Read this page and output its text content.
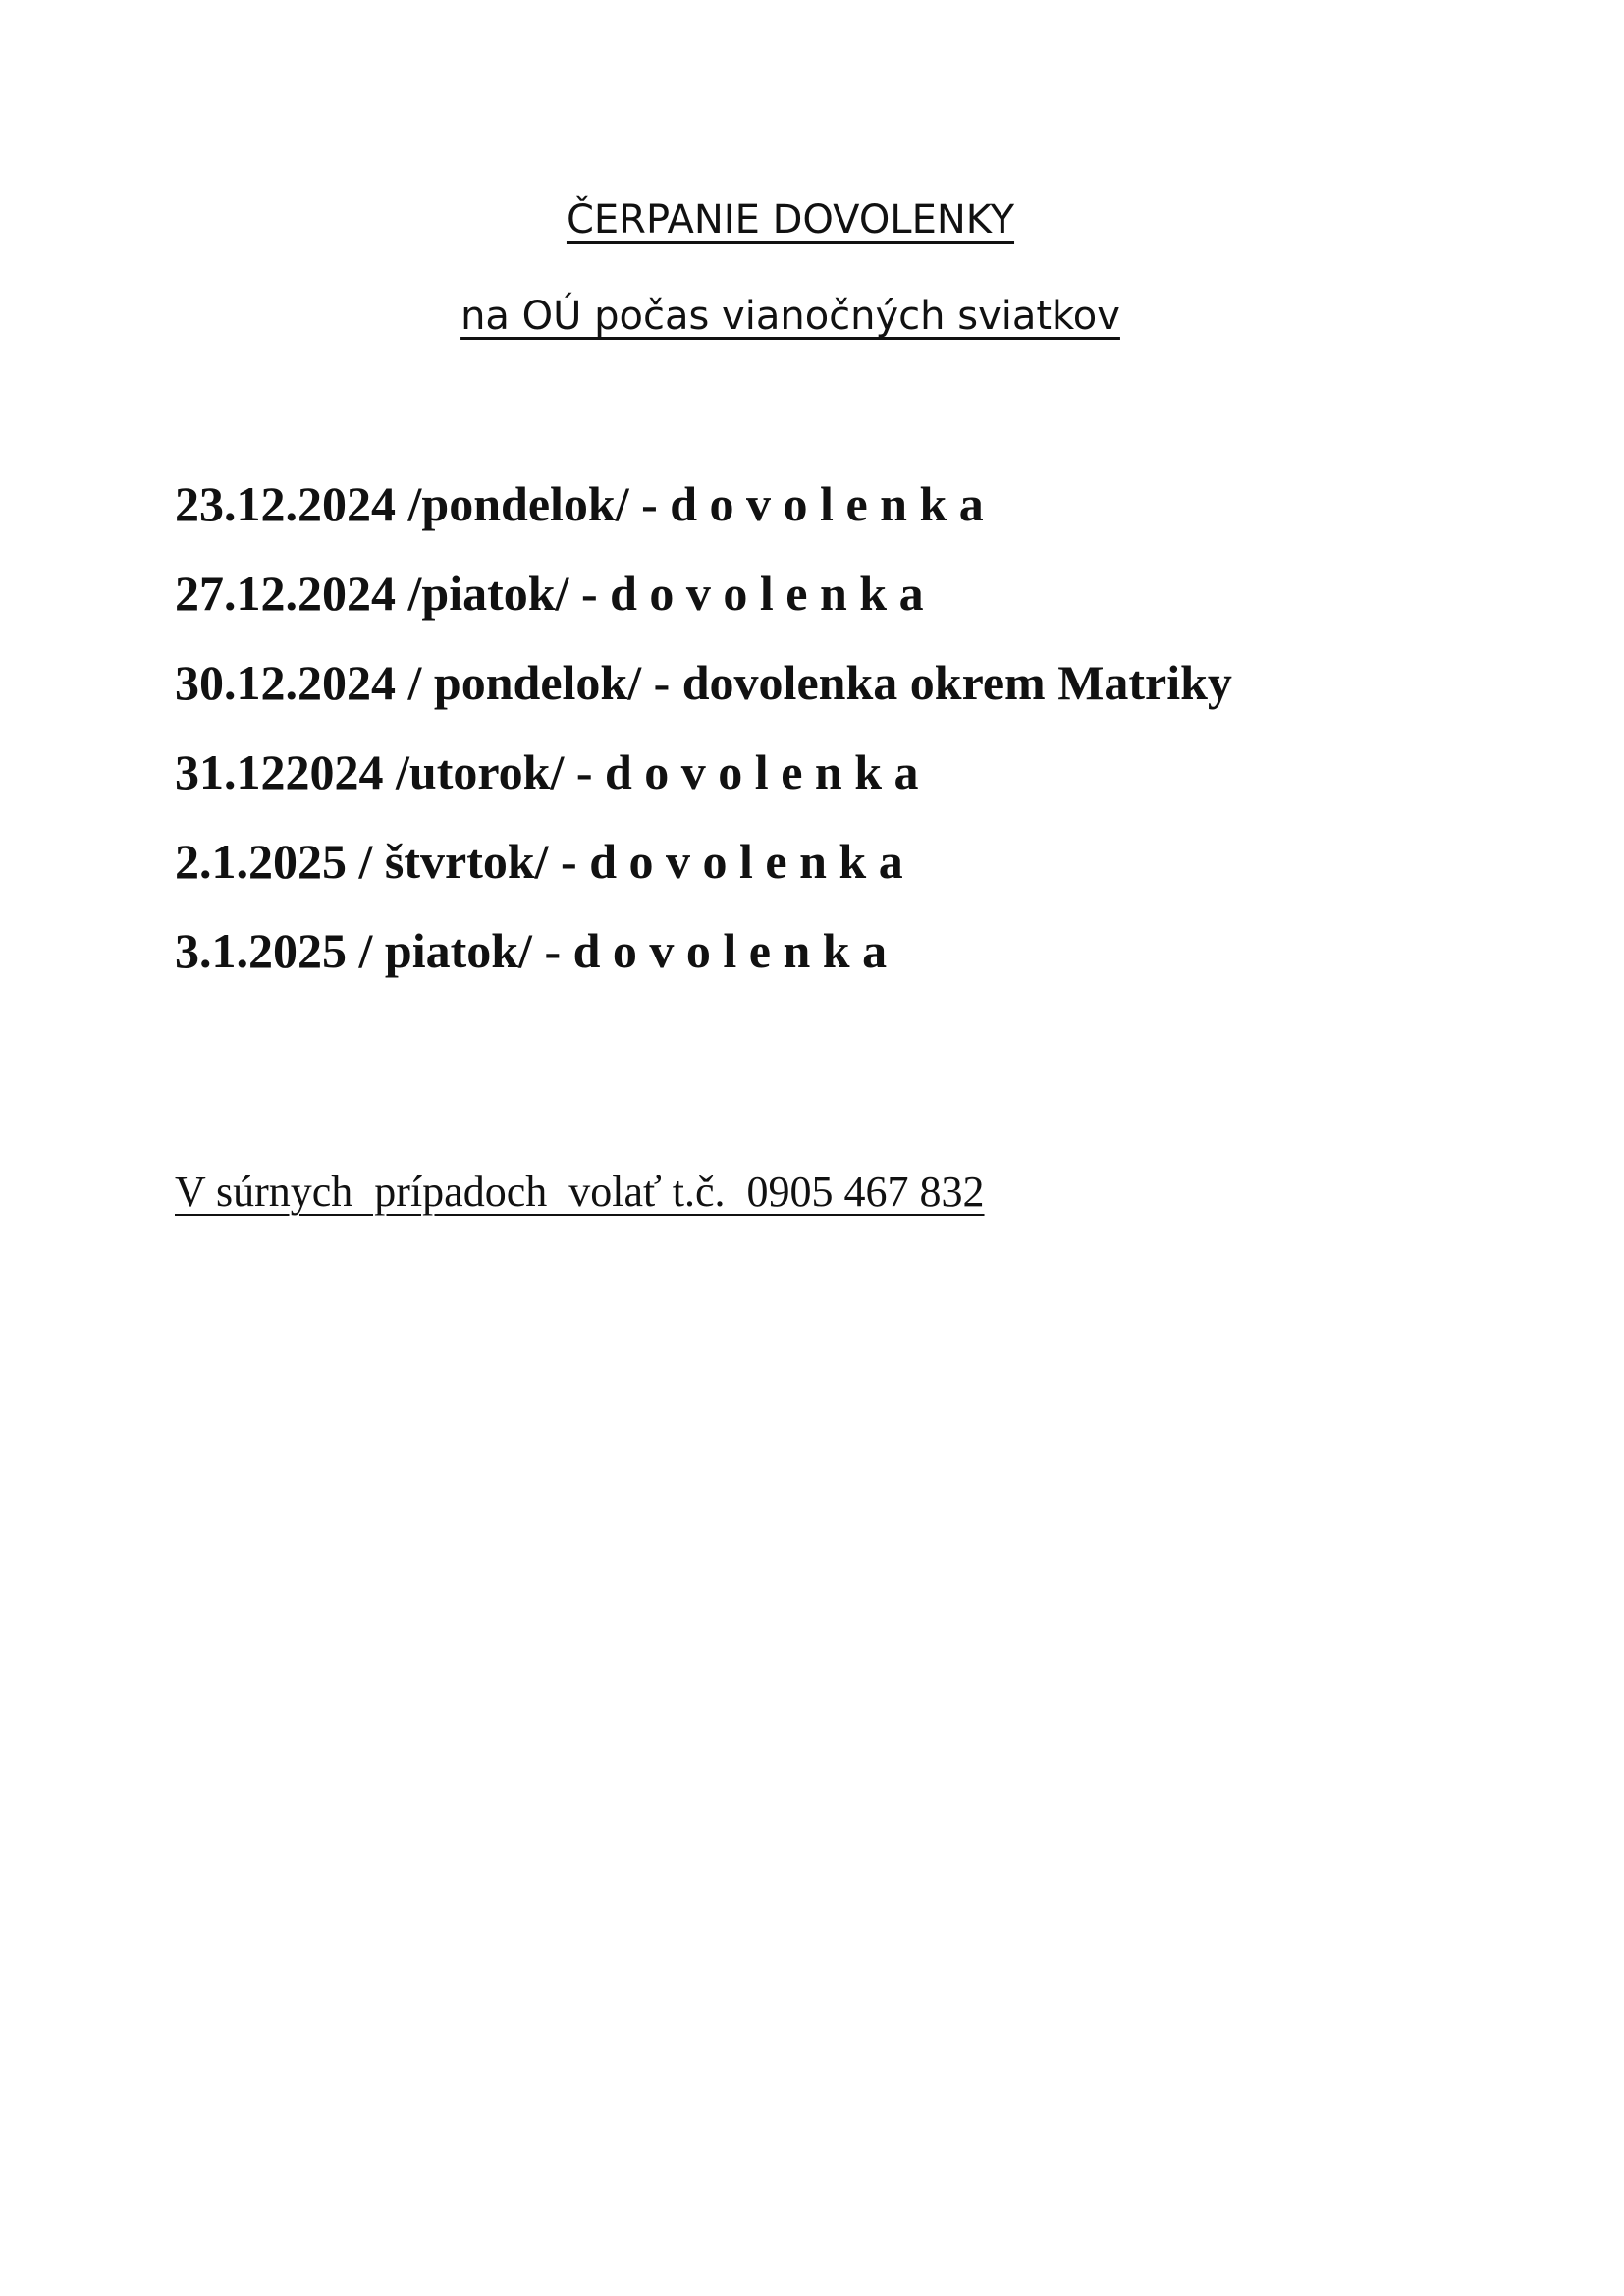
ČERPANIE DOVOLENKY
na OÚ počas vianočných sviatkov
23.12.2024 /pondelok/ - d o v o l e n k a
27.12.2024 /piatok/ - d o v o l e n k a
30.12.2024 / pondelok/ - dovolenka okrem Matriky
31.122024 /utorok/ - d o v o l e n k a
2.1.2025 / štvrtok/ - d o v o l e n k a
3.1.2025 / piatok/ - d o v o l e n k a

V súrnych  prípadoch  volať t.č.  0905 467 832
